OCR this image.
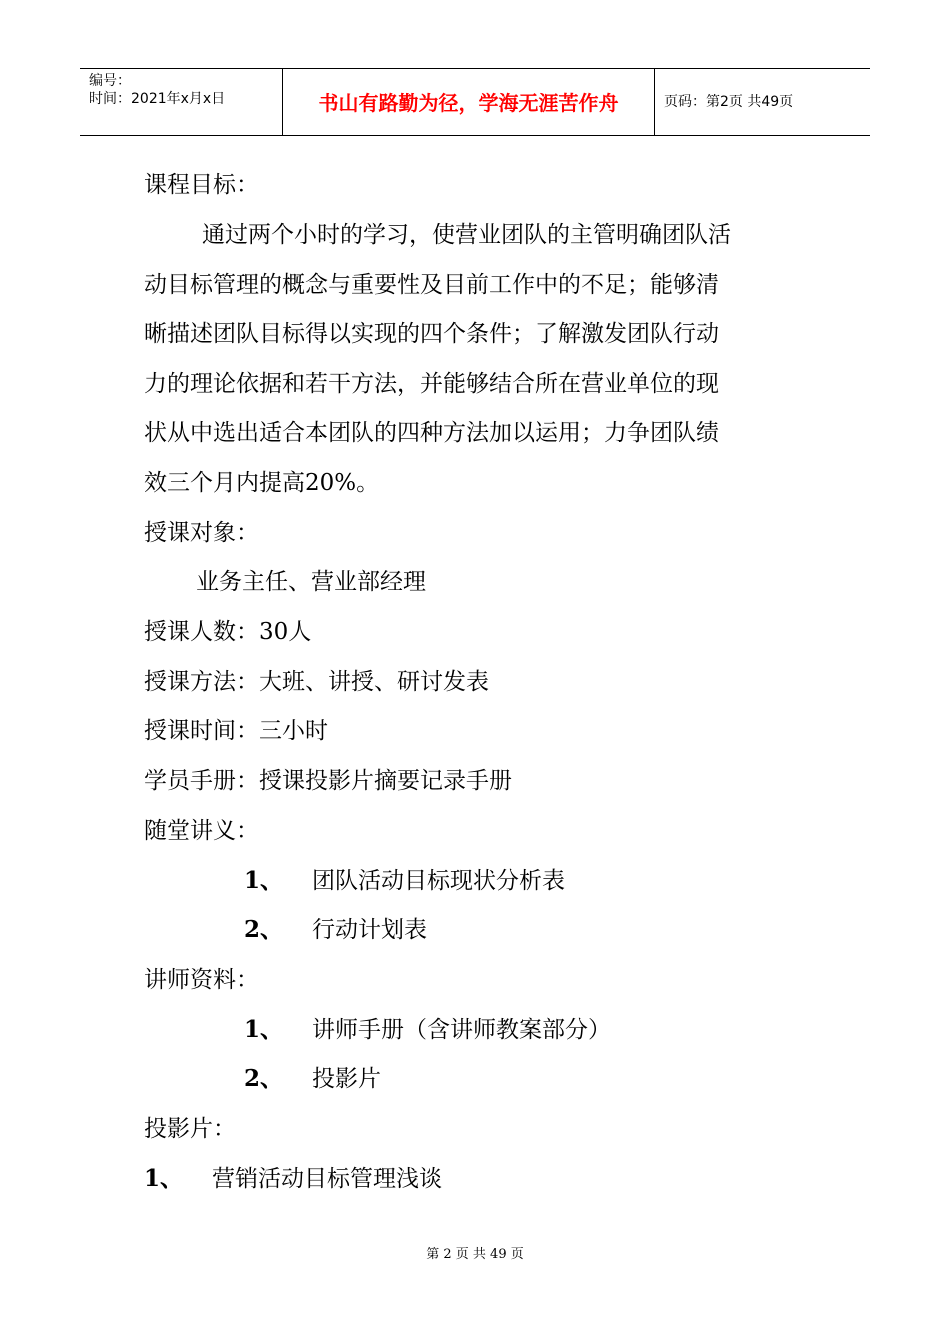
编号：
时间：2021年x月x日	书山有路勤为径，学海无涯苦作舟	页码：第2页 共49页
课程目标：
通过两个小时的学习，使营业团队的主管明确团队活
动目标管理的概念与重要性及目前工作中的不足；能够清
晰描述团队目标得以实现的四个条件；了解激发团队行动
力的理论依据和若干方法，并能够结合所在营业单位的现
状从中选出适合本团队的四种方法加以运用；力争团队绩
效三个月内提高20%。
授课对象：
业务主任、营业部经理
授课人数：30人
授课方法：大班、讲授、研讨发表
授课时间：三小时
学员手册：授课投影片摘要记录手册
随堂讲义：
1、 团队活动目标现状分析表
2、 行动计划表
讲师资料：
1、 讲师手册（含讲师教案部分）
2、 投影片
投影片：
1、 营销活动目标管理浅谈
第 2 页 共 49 页
